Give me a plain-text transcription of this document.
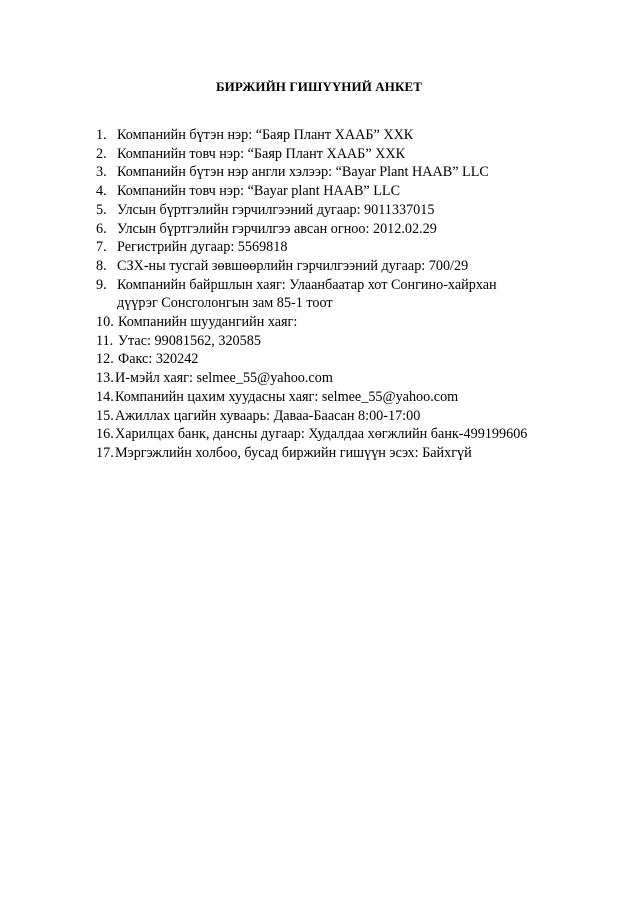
БИРЖИЙН ГИШҮҮНИЙ АНКЕТ
1. Компанийн бүтэн нэр: “Баяр Плант ХААБ” ХХК
2. Компанийн товч нэр: “Баяр Плант ХААБ” ХХК
3. Компанийн бүтэн нэр англи хэлээр: “Bayar Plant HAAB” LLC
4. Компанийн товч нэр: “Bayar plant HAAB” LLC
5. Улсын бүртгэлийн гэрчилгээний дугаар: 9011337015
6. Улсын бүртгэлийн гэрчилгээ авсан огноо: 2012.02.29
7. Регистрийн дугаар: 5569818
8. СЗХ-ны тусгай зөвшөөрлийн гэрчилгээний дугаар: 700/29
9. Компанийн байршлын хаяг: Улаанбаатар хот Сонгино-хайрхан
дүүрэг Сонсголонгын зам 85-1 тоот
10. Компанийн шуудангийн хаяг:
11. Утас: 99081562, 320585
12. Факс: 320242
13. И-мэйл хаяг: selmee_55@yahoo.com
14. Компанийн цахим хуудасны хаяг: selmee_55@yahoo.com
15. Ажиллах цагийн хуваарь: Даваа-Баасан 8:00-17:00
16. Харилцах банк, дансны дугаар: Худалдаа хөгжлийн банк-499199606
17. Мэргэжлийн холбоо, бусад биржийн гишүүн эсэх: Байхгүй
